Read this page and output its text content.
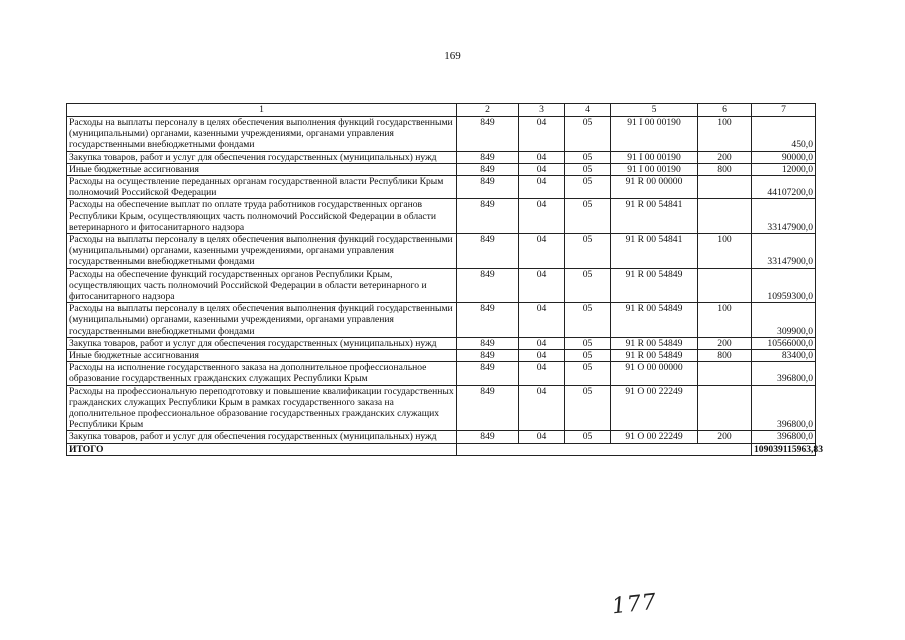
169
1	2	3	4	5	6	7
Расходы на выплаты персоналу в целях обеспечения выполнения функций государственными (муниципальными) органами, казенными учреждениями, органами управления государственными внебюджетными фондами	849	04	05	91 I 00 00190	100	450,0
Закупка товаров, работ и услуг для обеспечения государственных (муниципальных) нужд	849	04	05	91 I 00 00190	200	90000,0
Иные бюджетные ассигнования	849	04	05	91 I 00 00190	800	12000,0
Расходы на осуществление переданных органам государственной власти Республики Крым полномочий Российской Федерации	849	04	05	91 R 00 00000		44107200,0
Расходы на обеспечение выплат по оплате труда работников государственных органов Республики Крым, осуществляющих часть полномочий Российской Федерации в области ветеринарного и фитосанитарного надзора	849	04	05	91 R 00 54841		33147900,0
Расходы на выплаты персоналу в целях обеспечения выполнения функций государственными (муниципальными) органами, казенными учреждениями, органами управления государственными внебюджетными фондами	849	04	05	91 R 00 54841	100	33147900,0
Расходы на обеспечение функций государственных органов Республики Крым, осуществляющих часть полномочий Российской Федерации в области ветеринарного и фитосанитарного надзора	849	04	05	91 R 00 54849		10959300,0
Расходы на выплаты персоналу в целях обеспечения выполнения функций государственными (муниципальными) органами, казенными учреждениями, органами управления государственными внебюджетными фондами	849	04	05	91 R 00 54849	100	309900,0
Закупка товаров, работ и услуг для обеспечения государственных (муниципальных) нужд	849	04	05	91 R 00 54849	200	10566000,0
Иные бюджетные ассигнования	849	04	05	91 R 00 54849	800	83400,0
Расходы на исполнение государственного заказа на дополнительное профессиональное образование государственных гражданских служащих Республики Крым	849	04	05	91 О 00 00000		396800,0
Расходы на профессиональную переподготовку и повышение квалификации государственных гражданских служащих Республики Крым в рамках государственного заказа на дополнительное профессиональное образование государственных гражданских служащих Республики Крым	849	04	05	91 О 00 22249		396800,0
Закупка товаров, работ и услуг для обеспечения государственных (муниципальных) нужд	849	04	05	91 О 00 22249	200	396800,0
ИТОГО						109039115963,83
177
